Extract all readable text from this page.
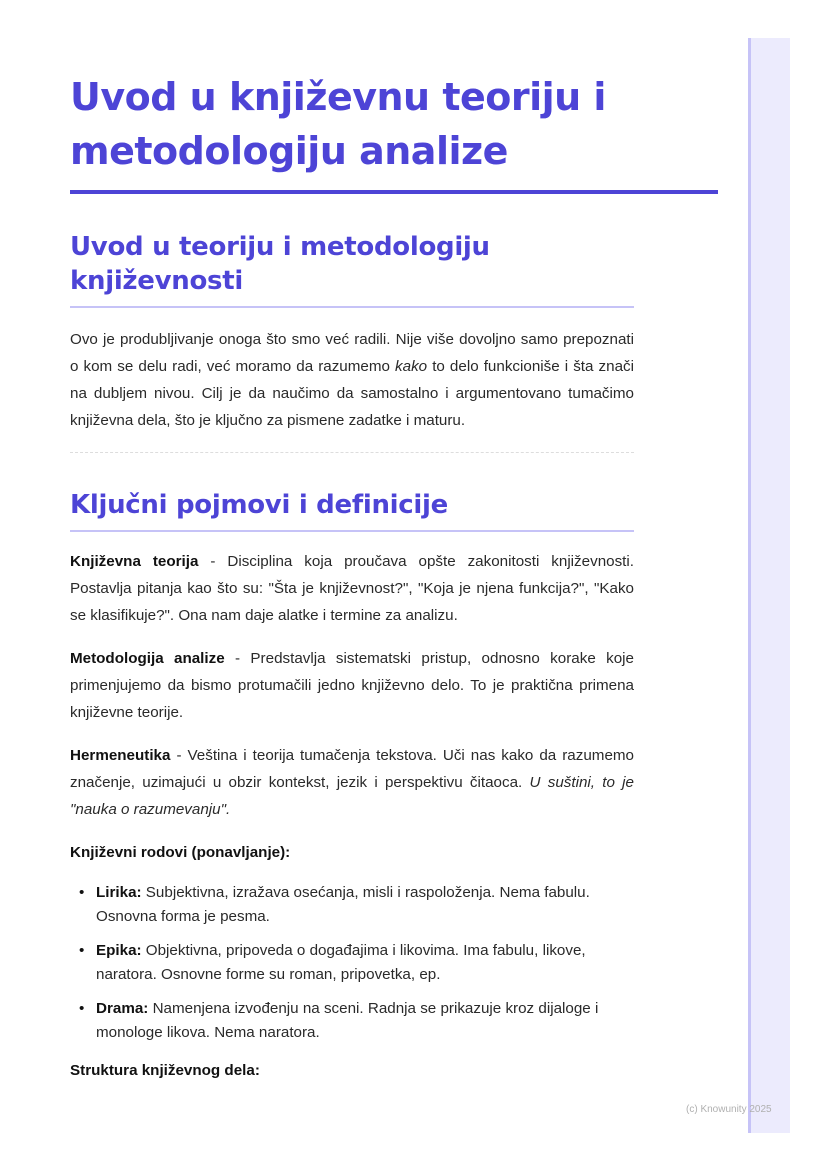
Uvod u književnu teoriju i metodologiju analize
Uvod u teoriju i metodologiju književnosti

Ovo je produbljivanje onoga što smo već radili. Nije više dovoljno samo prepoznati o kom se delu radi, već moramo da razumemo kako to delo funkcioniše i šta znači na dubljem nivou. Cilj je da naučimo da samostalno i argumentovano tumačimo književna dela, što je ključno za pismene zadatke i maturu.

Ključni pojmovi i definicije

Književna teorija - Disciplina koja proučava opšte zakonitosti književnosti. Postavlja pitanja kao što su: "Šta je književnost?", "Koja je njena funkcija?", "Kako se klasifikuje?". Ona nam daje alatke i termine za analizu.

Metodologija analize - Predstavlja sistematski pristup, odnosno korake koje primenjujemo da bismo protumačili jedno književno delo. To je praktična primena književne teorije.

Hermeneutika - Veština i teorija tumačenja tekstova. Uči nas kako da razumemo značenje, uzimajući u obzir kontekst, jezik i perspektivu čitaoca. U suštini, to je "nauka o razumevanju".

Književni rodovi (ponavljanje):

• Lirika: Subjektivna, izražava osećanja, misli i raspoloženja. Nema fabulu. Osnovna forma je pesma.
• Epika: Objektivna, pripoveda o događajima i likovima. Ima fabulu, likove, naratora. Osnovne forme su roman, pripovetka, ep.
• Drama: Namenjena izvođenju na sceni. Radnja se prikazuje kroz dijaloge i monologe likova. Nema naratora.

Struktura književnog dela:

(c) Knowunity 2025
